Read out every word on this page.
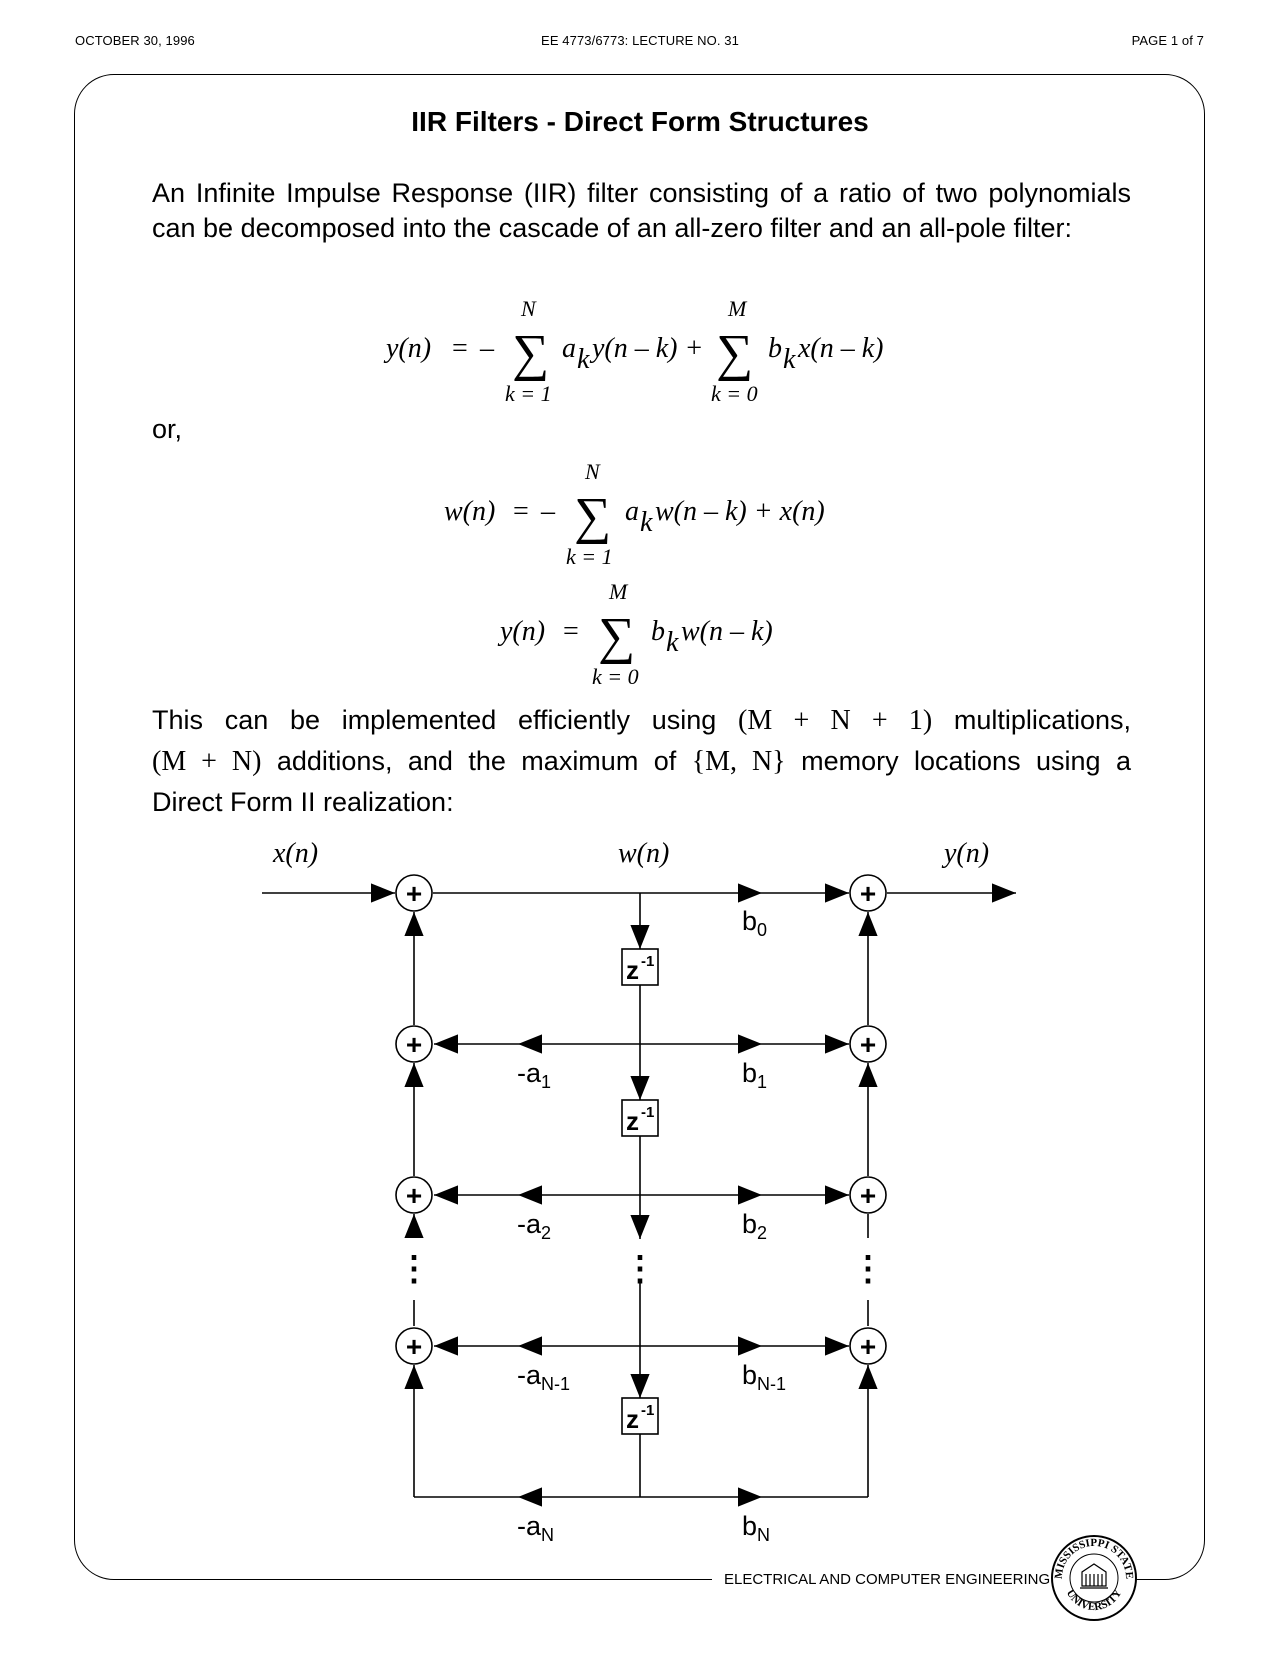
OCTOBER 30, 1996	EE 4773/6773: LECTURE NO. 31	PAGE 1 of 7
IIR Filters - Direct Form Structures
An Infinite Impulse Response (IIR) filter consisting of a ratio of two polynomials can be decomposed into the cascade of an all-zero filter and an all-pole filter:
or,
This can be implemented efficiently using (M + N + 1) multiplications,
(M + N) additions, and the maximum of {M, N} memory locations using a
Direct Form II realization:
y(n) = – ∑
N
k = 1
a k y(n – k) + ∑
M
k = 0
b k x(n – k)
w(n) = – ∑
N
k = 1
a k w(n – k) + x(n)
y(n) = ∑
M
k = 0
b k w(n – k)
x(n)	w(n)	y(n)
z -1
z -1
z -1
+	+
+	+
+	+
+	+
⋮	⋮	⋮
$b_0$
$-a_1$	$b_1$
$-a_2$	$b_2$
$-a_{N-1}$	$b_{N-1}$
$-a_N$	$b_N$
ELECTRICAL AND COMPUTER ENGINEERING MISSISSIPPI STATE
UNIVERSITY
